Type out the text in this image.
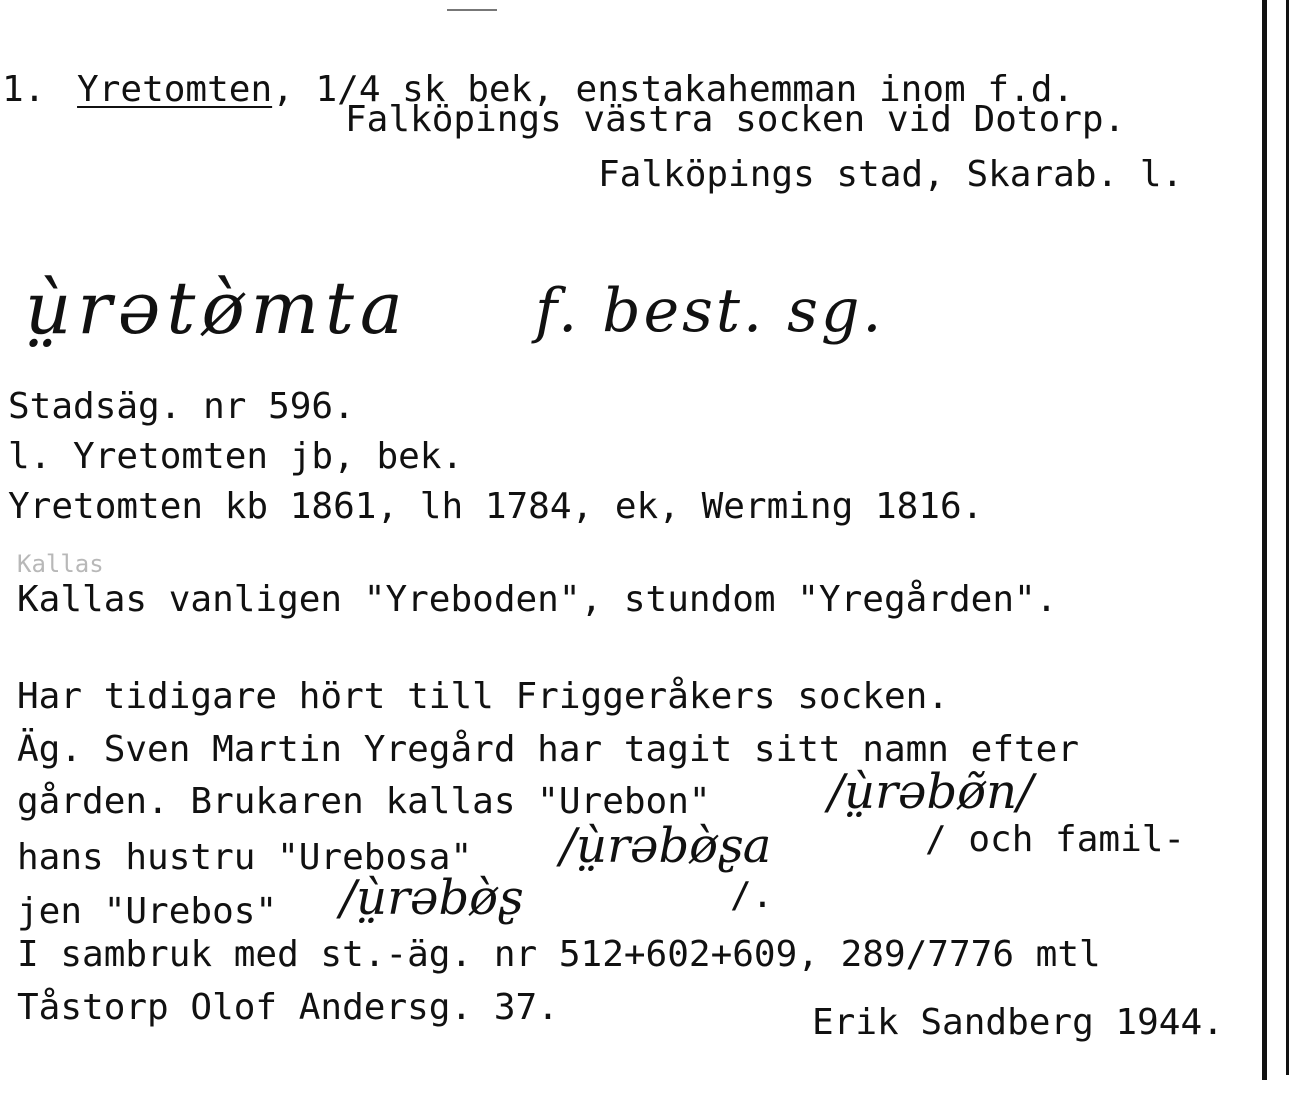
1. Yretomten, 1/4 sk bek, enstakahemman inom f.d.
Falköpings västra socken vid Dotorp.
Falköpings stad, Skarab. l.
ṳ̀rətø̀mta f. best. sg.
Stadsäg. nr 596.
l. Yretomten jb, bek.
Yretomten kb 1861, lh 1784, ek, Werming 1816.
Kallas
Kallas vanligen "Yreboden", stundom "Yregården".
Har tidigare hört till Friggeråkers socken.
Äg. Sven Martin Yregård har tagit sitt namn efter
gården. Brukaren kallas "Urebon" /ṳ̀rəbø̃n/
hans hustru "Urebosa" /ṳ̀rəbø̀ʂa	/ och famil-
jen "Urebos" /ṳ̀rəbø̀ʂ	/.
I sambruk med st.-äg. nr 512+602+609, 289/7776 mtl
Tåstorp Olof Andersg. 37.	Erik Sandberg 1944.
